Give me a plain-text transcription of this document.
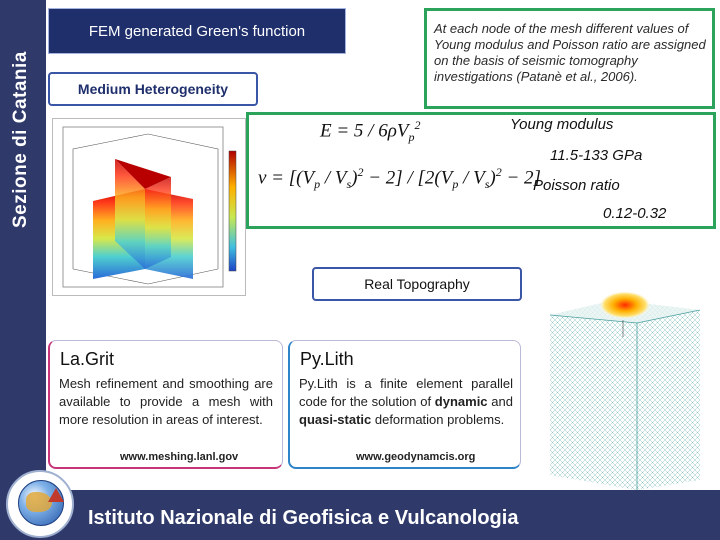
Sezione di Catania
FEM generated Green's function
Medium Heterogeneity
At each node of the mesh different values of Young modulus and Poisson ratio are assigned on the basis of seismic tomography investigations (Patanè et al., 2006).
$E = 5 / 6\rho V_p^2$
$\nu = [(V_p / V_s)^2 - 2] / [2(V_p / V_s)^2 - 2]$
Young modulus
11.5-133 GPa
Poisson ratio
0.12-0.32
Real Topography
La.Grit
Mesh refinement and smoothing are available to provide a mesh with more resolution in areas of interest.
www.meshing.lanl.gov
Py.Lith
Py.Lith is a finite element parallel code for the solution of dynamic and quasi-static deformation problems.
www.geodynamcis.org
Istituto Nazionale di Geofisica e Vulcanologia
